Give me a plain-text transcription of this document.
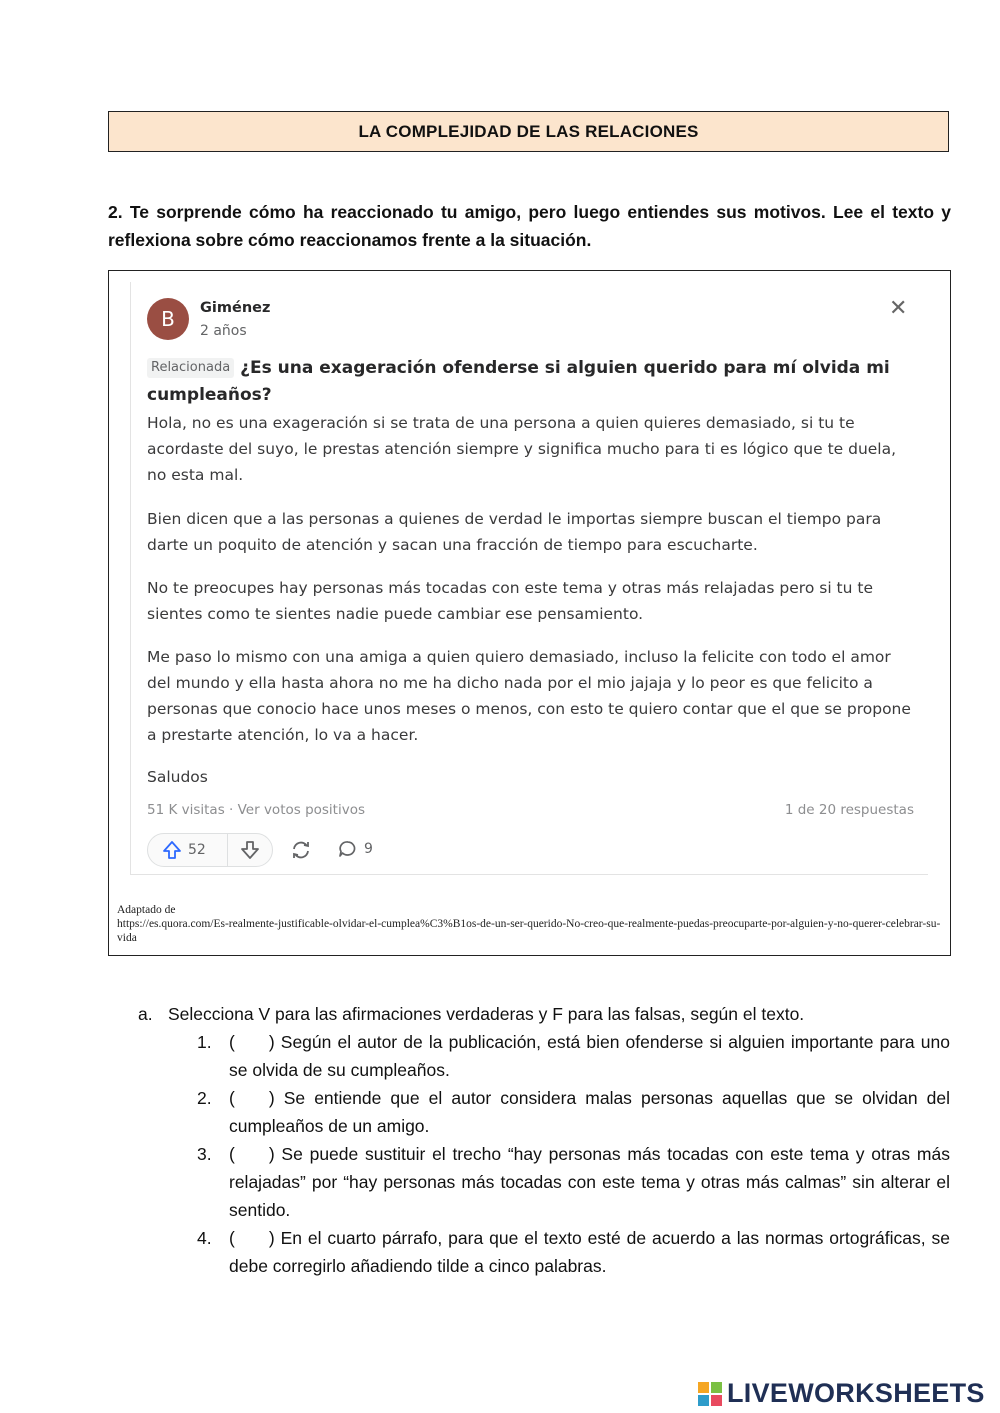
LA COMPLEJIDAD DE LAS RELACIONES
2. Te sorprende cómo ha reaccionado tu amigo, pero luego entiendes sus motivos. Lee el texto y reflexiona sobre cómo reaccionamos frente a la situación.
B	Giménez
2 años
✕
Relacionada ¿Es una exageración ofenderse si alguien querido para mí olvida mi cumpleaños?
Hola, no es una exageración si se trata de una persona a quien quieres demasiado, si tu te acordaste del suyo, le prestas atención siempre y significa mucho para ti es lógico que te duela, no esta mal.
Bien dicen que a las personas a quienes de verdad le importas siempre buscan el tiempo para darte un poquito de atención y sacan una fracción de tiempo para escucharte.
No te preocupes hay personas más tocadas con este tema y otras más relajadas pero si tu te sientes como te sientes nadie puede cambiar ese pensamiento.
Me paso lo mismo con una amiga a quien quiero demasiado, incluso la felicite con todo el amor del mundo y ella hasta ahora no me ha dicho nada por el mio jajaja y lo peor es que felicito a personas que conocio hace unos meses o menos, con esto te quiero contar que el que se propone a prestarte atención, lo va a hacer.
Saludos
51 K visitas · Ver votos positivos	1 de 20 respuestas
52	9
Adaptado de
https://es.quora.com/Es-realmente-justificable-olvidar-el-cumplea%C3%B1os-de-un-ser-querido-No-creo-que-realmente-puedas-preocuparte-por-alguien-y-no-querer-celebrar-su-vida
a. Selecciona V para las afirmaciones verdaderas y F para las falsas, según el texto.
1. ( ) Según el autor de la publicación, está bien ofenderse si alguien importante para uno se olvida de su cumpleaños.
2. ( ) Se entiende que el autor considera malas personas aquellas que se olvidan del cumpleaños de un amigo.
3. ( ) Se puede sustituir el trecho “hay personas más tocadas con este tema y otras más relajadas” por “hay personas más tocadas con este tema y otras más calmas” sin alterar el sentido.
4. ( ) En el cuarto párrafo, para que el texto esté de acuerdo a las normas ortográficas, se debe corregirlo añadiendo tilde a cinco palabras.
LIVEWORKSHEETS
